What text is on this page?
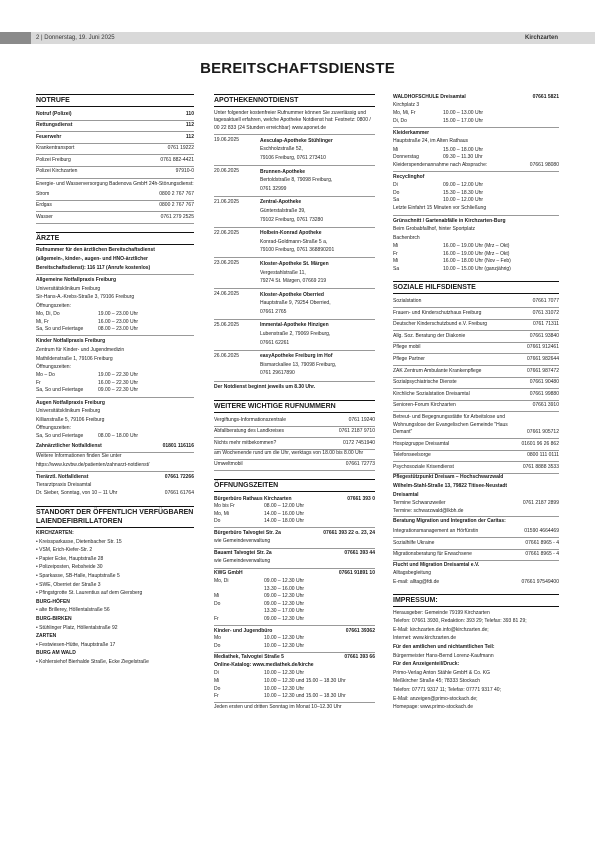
2 | Donnerstag, 19. Juni 2025	Kirchzarten
BEREITSCHAFTSDIENSTE
NOTRUFE
Notruf (Polizei)	110
Rettungsdienst	112
Feuerwehr	112
Krankentransport	0761 19222
Polizei Freiburg	0761 882-4421
Polizei Kirchzarten	97910-0
Energie- und Wasserversorgung Badenova GmbH 24h-Störungsdienst:
Strom	0800 2 767 767
Erdgas	0800 2 767 767
Wasser	0761 279 2525
ÄRZTE
Rufnummer für den ärztlichen Bereitschaftsdienst
(allgemein-, kinder-, augen- und HNO-ärztlicher
Bereitschaftsdienst): 116 117 (Anrufe kostenlos)
Allgemeine Notfallpraxis Freiburg
Universitätsklinikum Freiburg
Sir-Hans-A.-Krebs-Straße 3, 79106 Freiburg
Öffnungszeiten:
Mo, Di, Do	19.00 – 23.00 Uhr
Mi, Fr	16.00 – 23.00 Uhr
Sa, So und Feiertage	08.00 – 23.00 Uhr
Kinder Notfallpraxis Freiburg
Zentrum für Kinder- und Jugendmedizin
Mathildenstraße 1, 79106 Freiburg
Öffnungszeiten:
Mo – Do	19.00 – 22.30 Uhr
Fr	16.00 – 22.30 Uhr
Sa, So und Feiertage	09.00 – 22.30 Uhr
Augen Notfallpraxis Freiburg
Universitätsklinikum Freiburg
Killianstraße 5, 79106 Freiburg
Öffnungszeiten:
Sa, So und Feiertage	08.00 – 18.00 Uhr
Zahnärztlicher Notfalldienst	01801 116116
Weitere Informationen finden Sie unter
https://www.kzvbw.de/patienten/zahnarzt-notdienst/
Tierärztl. Notfalldienst	07661 72266
Tierarztpraxis Dreisamtal
Dr. Sieber, Sonntag, von 10 – 11 Uhr	07661 61764
STANDORT DER ÖFFENTLICH VERFÜGBAREN LAIENDEFIBRILLATOREN
KIRCHZARTEN:
• Kreissparkasse, Dietenbacher Str. 15
• VSM, Erich-Kiefer-Str. 2
• Papier Ecke, Hauptstraße 28
• Polizeiposten, Rebsheide 30
• Sparkasse, SB-Halle, Hauptstraße 5
• SWE, Oberriet der Straße 3
• Pfingstgrotte St. Laurentius auf dem Giersberg
BURG-HÖFEN
• alte Brillerey, Höllentalstraße 56
BURG-BIRKEN
• Stühlinger Platz, Höllentalstraße 92
ZARTEN
• Festwiesen-Hütte, Hauptstraße 17
BURG AM WALD
• Kohlersiehof Bierhalde Straße, Ecke Ziegelstraße
APOTHEKENNOTDIENST
Unter folgender kostenfreier Rufnummer können Sie zuverlässig und tagesaktuell erfahren, welche Apotheke Notdienst hat: Festnetz: 0800 / 00 22 833 (24 Stunden erreichbar) www.aponet.de
19.06.2025	Aesculap-Apotheke Stühlinger
Eschholzstraße 52,
79106 Freiburg, 0761 273410
20.06.2025	Brunnen-Apotheke
Bertoldstraße 8, 79098 Freiburg,
0761 32999
21.06.2025	Zentral-Apotheke
Günterstalstraße 39,
79102 Freiburg, 0761 73280
22.06.2025	Holbein-Konrad Apotheke
Konrad-Goldmann-Straße 5 a,
79100 Freiburg, 0761 368890201
23.06.2025	Kloster-Apotheke St. Märgen
Vergestahlstraße 11,
79274 St. Märgen, 07669 219
24.06.2025	Kloster-Apotheke Oberried
Hauptstraße 9, 79254 Oberried,
07661 2765
25.06.2025	Immental-Apotheke Hinzigen
Lubenstraße 2, 79069 Freiburg,
07661 62261
26.06.2025	easyApotheke Freiburg im Hof
Bismarckallee 13, 79098 Freiburg,
0761 29617890
Der Notdienst beginnt jeweils um 8.30 Uhr.
WEITERE WICHTIGE RUFNUMMERN
Vergiftungs-Informationszentrale	0761 19240
Abfallberatung des Landkreises	0761 2187 9710
Nichts mehr mitbekommen?	0172 7451940
am Wochenende rund um die Uhr, werktags von 18.00 bis 8.00 Uhr
Umweltmobil	07661 72773
ÖFFNUNGSZEITEN
Bürgerbüro Rathaus Kirchzarten	07661 393 0
Mo bis Fr	08.00 – 12.00 Uhr
Mo, Mi	14.00 – 16.00 Uhr
Do	14.00 – 18.00 Uhr
Bürgerbüro Talvogtei Str. 2a	07661 393 22 o. 23, 24
wie Gemeindeverwaltung
Bauamt Talvogtei Str. 2a	07661 393 44
wie Gemeindeverwaltung
KWG GmbH	07661 91891 10
Mo, Di	09.00 – 12.30 Uhr
13.30 – 16.00 Uhr
Mi	09.00 – 12.30 Uhr
Do	09.00 – 12.30 Uhr
13.30 – 17.00 Uhr
Fr	09.00 – 12.30 Uhr
Kinder- und Jugendbüro	07661 39362
Mo	10.00 – 12.30 Uhr
Do	10.00 – 12.30 Uhr
Mediathek, Talvogtei Straße 5	07661 393 66
Online-Katalog: www.mediathek.de/kirche
Di	10.00 – 12.30 Uhr
Mi	10.00 – 12.30 und 15.00 – 18.30 Uhr
Do	10.00 – 12.30 Uhr
Fr	10.00 – 12.30 und 15.00 – 18.30 Uhr
Jeden ersten und dritten Sonntag im Monat 10–12.30 Uhr
WALDHOFSCHULE Dreisamtal	07661 5821
Kirchplatz 3
Mo, Mi, Fr	10.00 – 13.00 Uhr
Di, Do	15.00 – 17.00 Uhr
Kleiderkammer
Hauptstraße 24, im Alten Rathaus
Mi	15.00 – 18.00 Uhr
Donnerstag	09.30 – 11.30 Uhr
Kleiderspendenannahme nach Absprache:	07661 98080
Recyclinghof
Di	09.00 – 12.00 Uhr
Do	15.30 – 18.30 Uhr
Sa	10.00 – 12.00 Uhr
Letzte Einfahrt 15 Minuten vor Schließung
Grünschnitt / Gartenabfälle in Kirchzarten-Burg
Beim Grobabfallhof, hinter Sportplatz
Bachenbrch
Mi	16.00 – 19.00 Uhr (Mrz – Okt)
Fr	16.00 – 19.00 Uhr (Mrz – Okt)
Mi	16.00 – 18.00 Uhr (Nov – Feb)
Sa	10.00 – 15.00 Uhr (ganzjährig)
SOZIALE HILFSDIENSTE
Sozialstation	07661 7077
Frauen- und Kinderschutzhaus Freiburg	0761 31072
Deutscher Kinderschutzbund e.V. Freiburg	0761 71311
Allg. Soz. Beratung der Diakonie	07661 93840
Pflege mobil	07661 912461
Pflege Partner	07661 982644
ZAK Zentrum Ambulante Krankenpflege	07661 987472
Sozialpsychiatrische Dienste	07661 90480
Kirchliche Sozialstation Dreisamtal	07661 99880
Senioren-Forum Kirchzarten	07661 3910
Betreut- und Begegnungsstätte für Arbeitslose und Wohnungslose der Evangelischen Gemeinde "Haus Demant"	07661 905712
Hospizgruppe Dreisamtal	01601 96 26 862
Telefonseelsorge	0800 111 0111
Psychosoziale Krisendienst	0761 8888 3533
Pflegestützpunkt Dreisam – Hochschwarzwald
Wilhelm-Stahl-Straße 13, 79822 Titisee-Neustadt
Dreisamtal
Termine Schwanzweiler	0761 2187 2899
Termine: schwarzwald@lkbh.de
Beratung Migration und Integration der Caritas:
Integrationsmanagement an Hörfürstin	01590 4664469
Sozialhilfe Ukraine	07661 8965 - 4
Migrationsberatung für Erwachsene	07661 8965 - 4
Flucht und Migration Dreisamtal e.V.
Alltagsbegleitung
E-mail: alltag@fdi.de	07661 97549400
IMPRESSUM:
Herausgeber: Gemeinde 79199 Kirchzarten
Telefon: 07661 3930, Redaktion: 393 29; Telefax: 393 81 29;
E-Mail: kirchzarten.de.info@kirchzarten.de;
Internet: www.kirchzarten.de
Für den amtlichen und nichtamtlichen Teil:
Bürgermeister Hans-Bernd Lorenz-Kaufmann
Für den Anzeigenteil/Druck:
Primo-Verlag Anton Stähle GmbH & Co. KG
Meßkircher Straße 45; 78333 Stockach
Telefon: 07771 9317 11; Telefax: 07771 9317 40;
E-Mail: anzeigen@primo-stockach.de;
Homepage: www.primo-stockach.de
